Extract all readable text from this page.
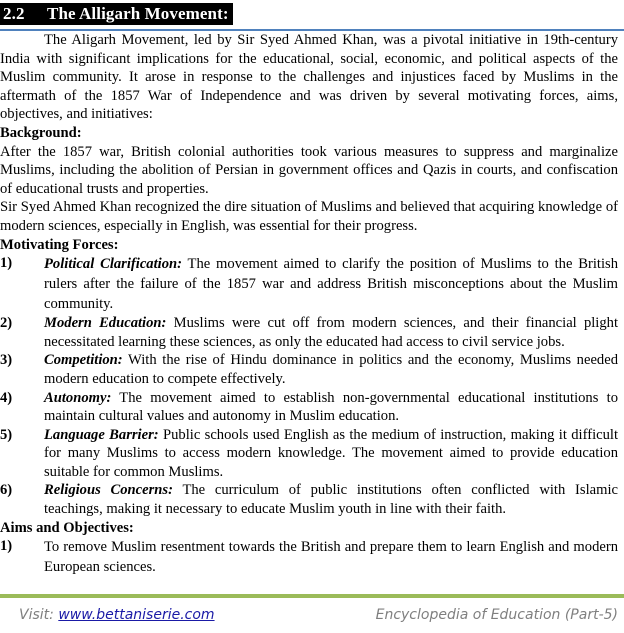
2.2 The Alligarh Movement:

The Aligarh Movement, led by Sir Syed Ahmed Khan, was a pivotal initiative in 19th-century India with significant implications for the educational, social, economic, and political aspects of the Muslim community. It arose in response to the challenges and injustices faced by Muslims in the aftermath of the 1857 War of Independence and was driven by several motivating forces, aims, objectives, and initiatives:

Background:

After the 1857 war, British colonial authorities took various measures to suppress and marginalize Muslims, including the abolition of Persian in government offices and Qazis in courts, and confiscation of educational trusts and properties.

Sir Syed Ahmed Khan recognized the dire situation of Muslims and believed that acquiring knowledge of modern sciences, especially in English, was essential for their progress.

Motivating Forces:

1)	Political Clarification: The movement aimed to clarify the position of Muslims to the British rulers after the failure of the 1857 war and address British misconceptions about the Muslim community.
2)	Modern Education: Muslims were cut off from modern sciences, and their financial plight necessitated learning these sciences, as only the educated had access to civil service jobs.
3)	Competition: With the rise of Hindu dominance in politics and the economy, Muslims needed modern education to compete effectively.
4)	Autonomy: The movement aimed to establish non-governmental educational institutions to maintain cultural values and autonomy in Muslim education.
5)	Language Barrier: Public schools used English as the medium of instruction, making it difficult for many Muslims to access modern knowledge. The movement aimed to provide education suitable for common Muslims.
6)	Religious Concerns: The curriculum of public institutions often conflicted with Islamic teachings, making it necessary to educate Muslim youth in line with their faith.

Aims and Objectives:

1)	To remove Muslim resentment towards the British and prepare them to learn English and modern European sciences.
Visit: www.bettaniserie.com	Encyclopedia of Education (Part-5)
